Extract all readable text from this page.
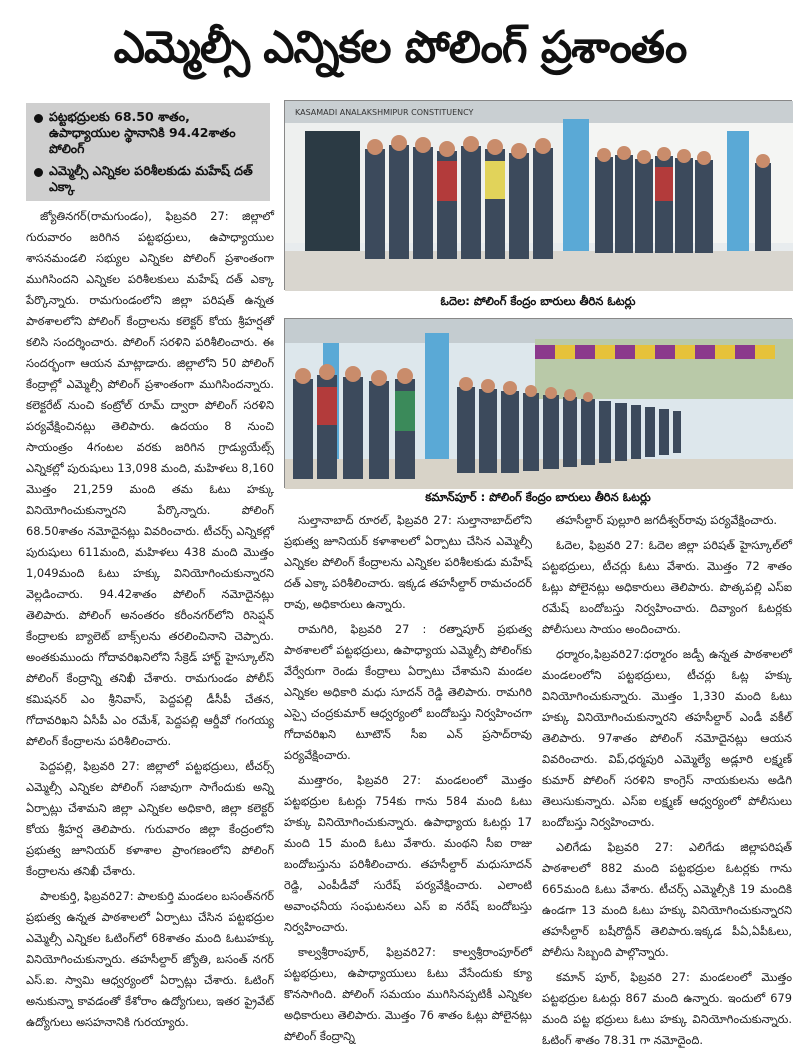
ఎమ్మెల్సీ ఎన్నికల పోలింగ్ ప్రశాంతం
పట్టభద్రులకు 68.50 శాతం, ఉపాధ్యాయుల స్థానానికి 94.42శాతం పోలింగ్
ఎమ్మెల్సీ ఎన్నికల పరిశీలకుడు మహేష్ దత్ ఎక్కా
KASAMADI ANALAKSHMIPUR CONSTITUENCY
ఓదెల: పోలింగ్ కేంద్రం బారులు తీరిన ఓటర్లు
కమాన్‌పూర్ : పోలింగ్ కేంద్రం బారులు తీరిన ఓటర్లు

జ్యోతినగర్(రామగుండం), ఫిబ్రవరి 27: జిల్లాలో గురువారం జరిగిన పట్టభద్రులు, ఉపాధ్యాయుల శాసనమండలి సభ్యుల ఎన్నికల పోలింగ్ ప్రశాంతంగా ముగిసిందని ఎన్నికల పరిశీలకులు మహేష్ దత్ ఎక్కా పేర్కొన్నారు. రామగుండంలోని జిల్లా పరిషత్ ఉన్నత పాఠశాలలోని పోలింగ్ కేంద్రాలను కలెక్టర్ కోయ శ్రీహర్షతో కలిసి సందర్శించారు. పోలింగ్ సరళిని పరిశీలించారు. ఈ సందర్భంగా ఆయన మాట్లాడారు. జిల్లాలోని 50 పోలింగ్ కేంద్రాల్లో ఎమ్మెల్సీ పోలింగ్ ప్రశాంతంగా ముగిసిందన్నారు. కలెక్టరేట్ నుంచి కంట్రోల్ రూమ్ ద్వారా పోలింగ్ సరళిని పర్యవేక్షించినట్లు తెలిపారు. ఉదయం 8 నుంచి సాయంత్రం 4గంటల వరకు జరిగిన గ్రాడ్యుయేట్స్ ఎన్నికల్లో పురుషులు 13,098 మంది, మహిళలు 8,160 మొత్తం 21,259 మంది తమ ఓటు హక్కు వినియోగించుకున్నారని పేర్కొన్నారు. పోలింగ్ 68.50శాతం నమోదైనట్లు వివరించారు. టీచర్స్ ఎన్నికల్లో పురుషులు 611మంది, మహిళలు 438 మంది మొత్తం 1,049మంది ఓటు హక్కు వినియోగించుకున్నారని వెల్లడించారు. 94.42శాతం పోలింగ్ నమోదైనట్లు తెలిపారు. పోలింగ్ అనంతరం కరీంనగర్‌లోని రిసెప్షన్ కేంద్రాలకు బ్యాలెట్ బాక్స్‌లను తరలించినాని చెప్పారు. అంతకుముందు గోదావరిఖనిలోని సేక్రెడ్ హార్ట్ హైస్కూల్‌ని పోలింగ్ కేంద్రాన్ని తనిఖీ చేశారు. రామగుండం పోలీస్ కమిషనర్ ఎం శ్రీనివాస్, పెద్దపల్లి డీసీపీ చేతన, గోదావరిఖని ఏసీపీ ఎం రమేశ్, పెద్దపల్లి ఆర్డీవో గంగయ్య పోలింగ్ కేంద్రాలను పరిశీలించారు.

పెద్దపల్లి, ఫిబ్రవరి 27: జిల్లాలో పట్టభద్రులు, టీచర్స్ ఎమ్మెల్సీ ఎన్నికల పోలింగ్ సజావుగా సాగేందుకు అన్ని ఏర్పాట్లు చేశామని జిల్లా ఎన్నికల అధికారి, జిల్లా కలెక్టర్ కోయ శ్రీహర్ష తెలిపారు. గురువారం జిల్లా కేంద్రంలోని ప్రభుత్వ జూనియర్ కళాశాల ప్రాంగణంలోని పోలింగ్ కేంద్రాలను తనిఖీ చేశారు.

పాలకుర్తి, ఫిబ్రవరి27: పాలకుర్తి మండలం బసంత్‌నగర్ ప్రభుత్వ ఉన్నత పాఠశాలలో ఏర్పాటు చేసిన పట్టభద్రుల ఎమ్మెల్సీ ఎన్నికల ఓటింగ్‌లో 68శాతం మంది ఓటుహక్కు వినియోగించుకున్నారు. తహసీల్దార్ జ్యోతి, బసంత్ నగర్ ఎస్.ఐ. స్వామి ఆధ్వర్యంలో ఏర్పాట్లు చేశారు. ఓటింగ్ అనుకున్నా కావడంతో కేశోరాం ఉద్యోగులు, ఇతర ప్రైవేట్ ఉద్యోగులు అసహనానికి గురయ్యారు.

సుల్తానాబాద్ రూరల్, ఫిబ్రవరి 27: సుల్తానాబాద్‌లోని ప్రభుత్వ జూనియర్ కళాశాలలో ఏర్పాటు చేసిన ఎమ్మెల్సీ ఎన్నికల పోలింగ్ కేంద్రాలను ఎన్నికల పరిశీలకుడు మహేష్ దత్ ఎక్కా పరిశీలించారు. ఇక్కడ తహసీల్దార్ రామచందర్ రావు, అధికారులు ఉన్నారు.

రామగిరి, ఫిబ్రవరి 27 : రత్నాపూర్ ప్రభుత్వ పాఠశాలలో పట్టభద్రులు, ఉపాధ్యాయ ఎమ్మెల్సీ పోలింగ్‌కు వేర్వేరుగా రెండు కేంద్రాలు ఏర్పాటు చేశామని మండల ఎన్నికల అధికారి మధు సూదన్ రెడ్డి తెలిపారు. రామగిరి ఎస్సై చంద్రకుమార్ ఆధ్వర్యంలో బందోబస్తు నిర్వహించగా గోదావరిఖని టూటౌన్ సీఐ ఎన్ ప్రసాద్‌రావు పర్యవేక్షించారు.

ముత్తారం, ఫిబ్రవరి 27: మండలంలో మొత్తం పట్టభద్రుల ఓటర్లు 754కు గాను 584 మంది ఓటు హక్కు వినియోగించుకున్నారు. ఉపాధ్యాయ ఓటర్లు 17 మంది 15 మంది ఓటు వేశారు. మంథని సీఐ రాజు బందోబస్తును పరిశీలించారు. తహసీల్దార్ మధుసూదన్ రెడ్డి, ఎంపీడీవో సురేష్ పర్యవేక్షించారు. ఎలాంటి అవాంఛనీయ సంఘటనలు ఎస్ ఐ నరేష్ బందోబస్తు నిర్వహించారు.

కాల్వశ్రీరాంపూర్, ఫిబ్రవరి27: కాల్వశ్రీరాంపూర్‌లో పట్టభద్రులు, ఉపాధ్యాయులు ఓటు వేసేందుకు క్యూ కొనసాగింది. పోలింగ్ సమయం ముగిసినప్పటికీ ఎన్నికల అధికారులు తెలిపారు. మొత్తం 76 శాతం ఓట్లు పోలైనట్లు పోలింగ్ కేంద్రాన్ని

తహసీల్దార్ పుల్లూరి జగదీశ్వర్‌రావు పర్యవేక్షించారు.

ఓదెల, ఫిబ్రవరి 27: ఓదెల జిల్లా పరిషత్ హైస్కూల్‌లో పట్టభద్రులు, టీచర్లు ఓటు వేశారు. మొత్తం 72 శాతం ఓట్లు పోలైనట్లు అధికారులు తెలిపారు. పొత్కపల్లి ఎస్ఐ రమేష్ బందోబస్తు నిర్వహించారు. దివ్యాంగ ఓటర్లకు పోలీసులు సాయం అందించారు.

ధర్మారం,ఫిబ్రవరి27:ధర్మారం జడ్పీ ఉన్నత పాఠశాలలో మండలంలోని పట్టభద్రులు, టీచర్లు ఓట్ల హక్కు వినియోగించుకున్నారు. మొత్తం 1,330 మంది ఓటు హక్కు వినియోగించుకున్నారని తహసీల్దార్ ఎండీ వకీల్ తెలిపారు. 97శాతం పోలింగ్ నమోదైనట్లు ఆయన వివరించారు. విప్,ధర్మపురి ఎమ్మెల్యే అడ్లూరి లక్ష్మణ్ కుమార్ పోలింగ్ సరళిని కాంగ్రెస్ నాయకులను అడిగి తెలుసుకున్నారు. ఎస్ఐ లక్ష్మణ్ ఆధ్వర్యంలో పోలీసులు బందోబస్తు నిర్వహించారు.

ఎలిగేడు ఫిబ్రవరి 27: ఎలిగేడు జిల్లాపరిషత్ పాఠశాలలో 882 మంది పట్టభద్రుల ఓటర్లకు గాను 665మంది ఓటు వేశారు. టీచర్స్ ఎమ్మెల్సీకి 19 మందికి ఉండగా 13 మంది ఓటు హక్కు వినియోగించుకున్నారని తహసీల్దార్ బషీరొద్దీన్ తెలిపారు.ఇక్కడ పీఏ,ఏపీఓలు, పోలీసు సిబ్బంది పాల్గొన్నారు.

కమాన్ పూర్, ఫిబ్రవరి 27: మండలంలో మొత్తం పట్టభద్రుల ఓటర్లు 867 మంది ఉన్నారు. ఇందులో 679 మంది పట్ట భద్రులు ఓటు హక్కు వినియోగించుకున్నారు. ఓటింగ్ శాతం 78.31 గా నమోదైంది.
